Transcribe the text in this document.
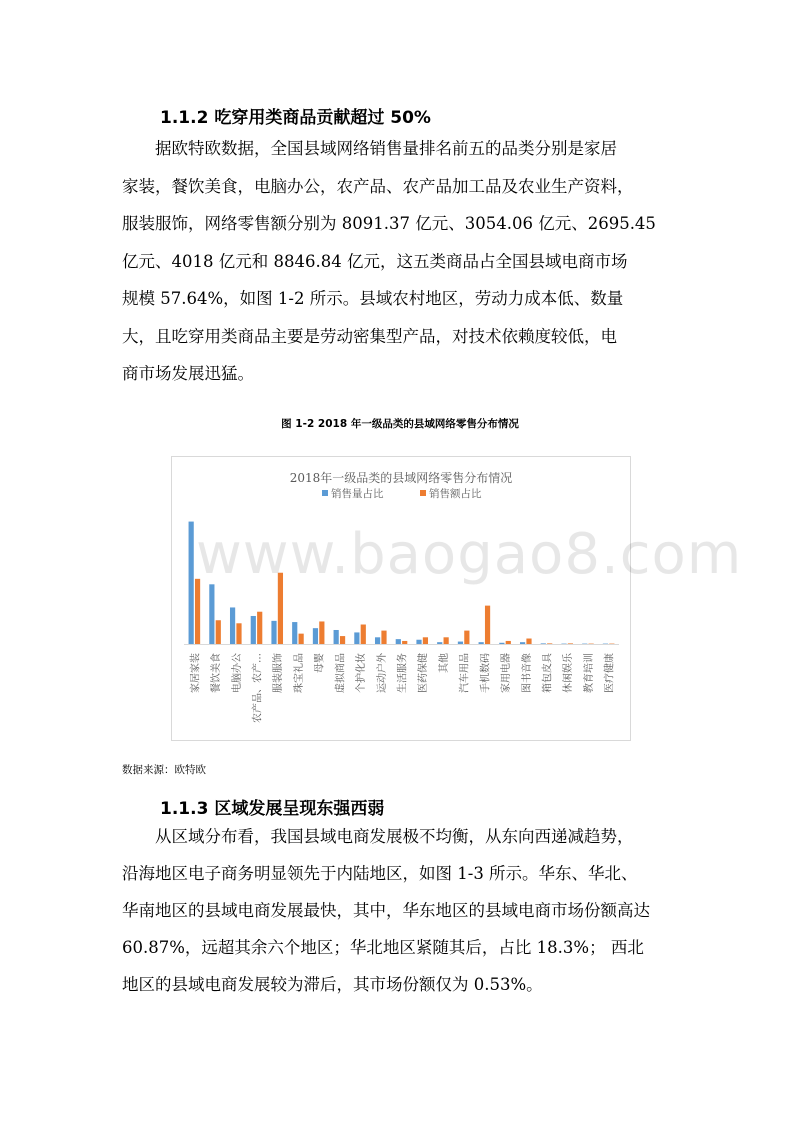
1.1.2 吃穿用类商品贡献超过 50%
　　据欧特欧数据，全国县域网络销售量排名前五的品类分别是家居
家装，餐饮美食，电脑办公，农产品、农产品加工品及农业生产资料，
服装服饰，网络零售额分别为 8091.37 亿元、3054.06 亿元、2695.45
亿元、4018 亿元和 8846.84 亿元，这五类商品占全国县域电商市场
规模 57.64%，如图 1-2 所示。县域农村地区，劳动力成本低、数量
大，且吃穿用类商品主要是劳动密集型产品，对技术依赖度较低，电
商市场发展迅猛。
图 1-2 2018 年一级品类的县域网络零售分布情况
2018年一级品类的县域网络零售分布情况
销售量占比	销售额占比
家居家装 餐饮美食 电脑办公 农产品、农产… 服装服饰 珠宝礼品 母婴 虚拟商品 个护化妆 运动户外 生活服务 医药保健 其他 汽车用品 手机数码 家用电器 图书音像 箱包皮具 休闲娱乐 教育培训 医疗健康
www.baogao8.com
数据来源：欧特欧
1.1.3 区域发展呈现东强西弱
　　从区域分布看，我国县域电商发展极不均衡，从东向西递减趋势，
沿海地区电子商务明显领先于内陆地区，如图 1-3 所示。华东、华北、
华南地区的县域电商发展最快，其中，华东地区的县域电商市场份额高达
60.87%，远超其余六个地区；华北地区紧随其后，占比 18.3%； 西北
地区的县域电商发展较为滞后，其市场份额仅为 0.53%。
